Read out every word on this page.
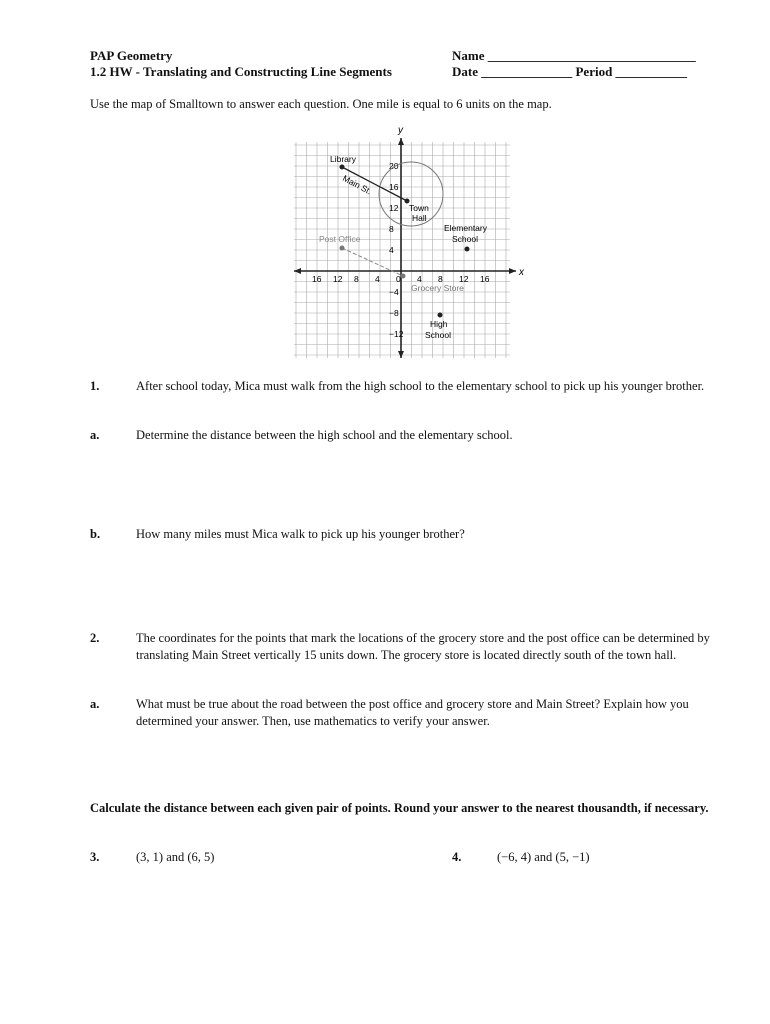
PAP Geometry
1.2 HW - Translating and Constructing Line Segments
Name ________________________________
Date ______________ Period ___________
Use the map of Smalltown to answer each question. One mile is equal to 6 units on the map.
x
y
16 12 8 4 0 4 8 12 16
20
16
12
8
4
−4
−8
−12
Library
Main St.
Town
Hall
Elementary
School
Post Office
Grocery Store
High
School
1.	After school today, Mica must walk from the high school to the elementary school to pick up his younger brother.
a.	Determine the distance between the high school and the elementary school.
b.	How many miles must Mica walk to pick up his younger brother?
2.	The coordinates for the points that mark the locations of the grocery store and the post office can be determined by translating Main Street vertically 15 units down. The grocery store is located directly south of the town hall.
a.	What must be true about the road between the post office and grocery store and Main Street? Explain how you determined your answer. Then, use mathematics to verify your answer.
Calculate the distance between each given pair of points. Round your answer to the nearest thousandth, if necessary.
3.	(3, 1) and (6, 5)	4.	(−6, 4) and (5, −1)
